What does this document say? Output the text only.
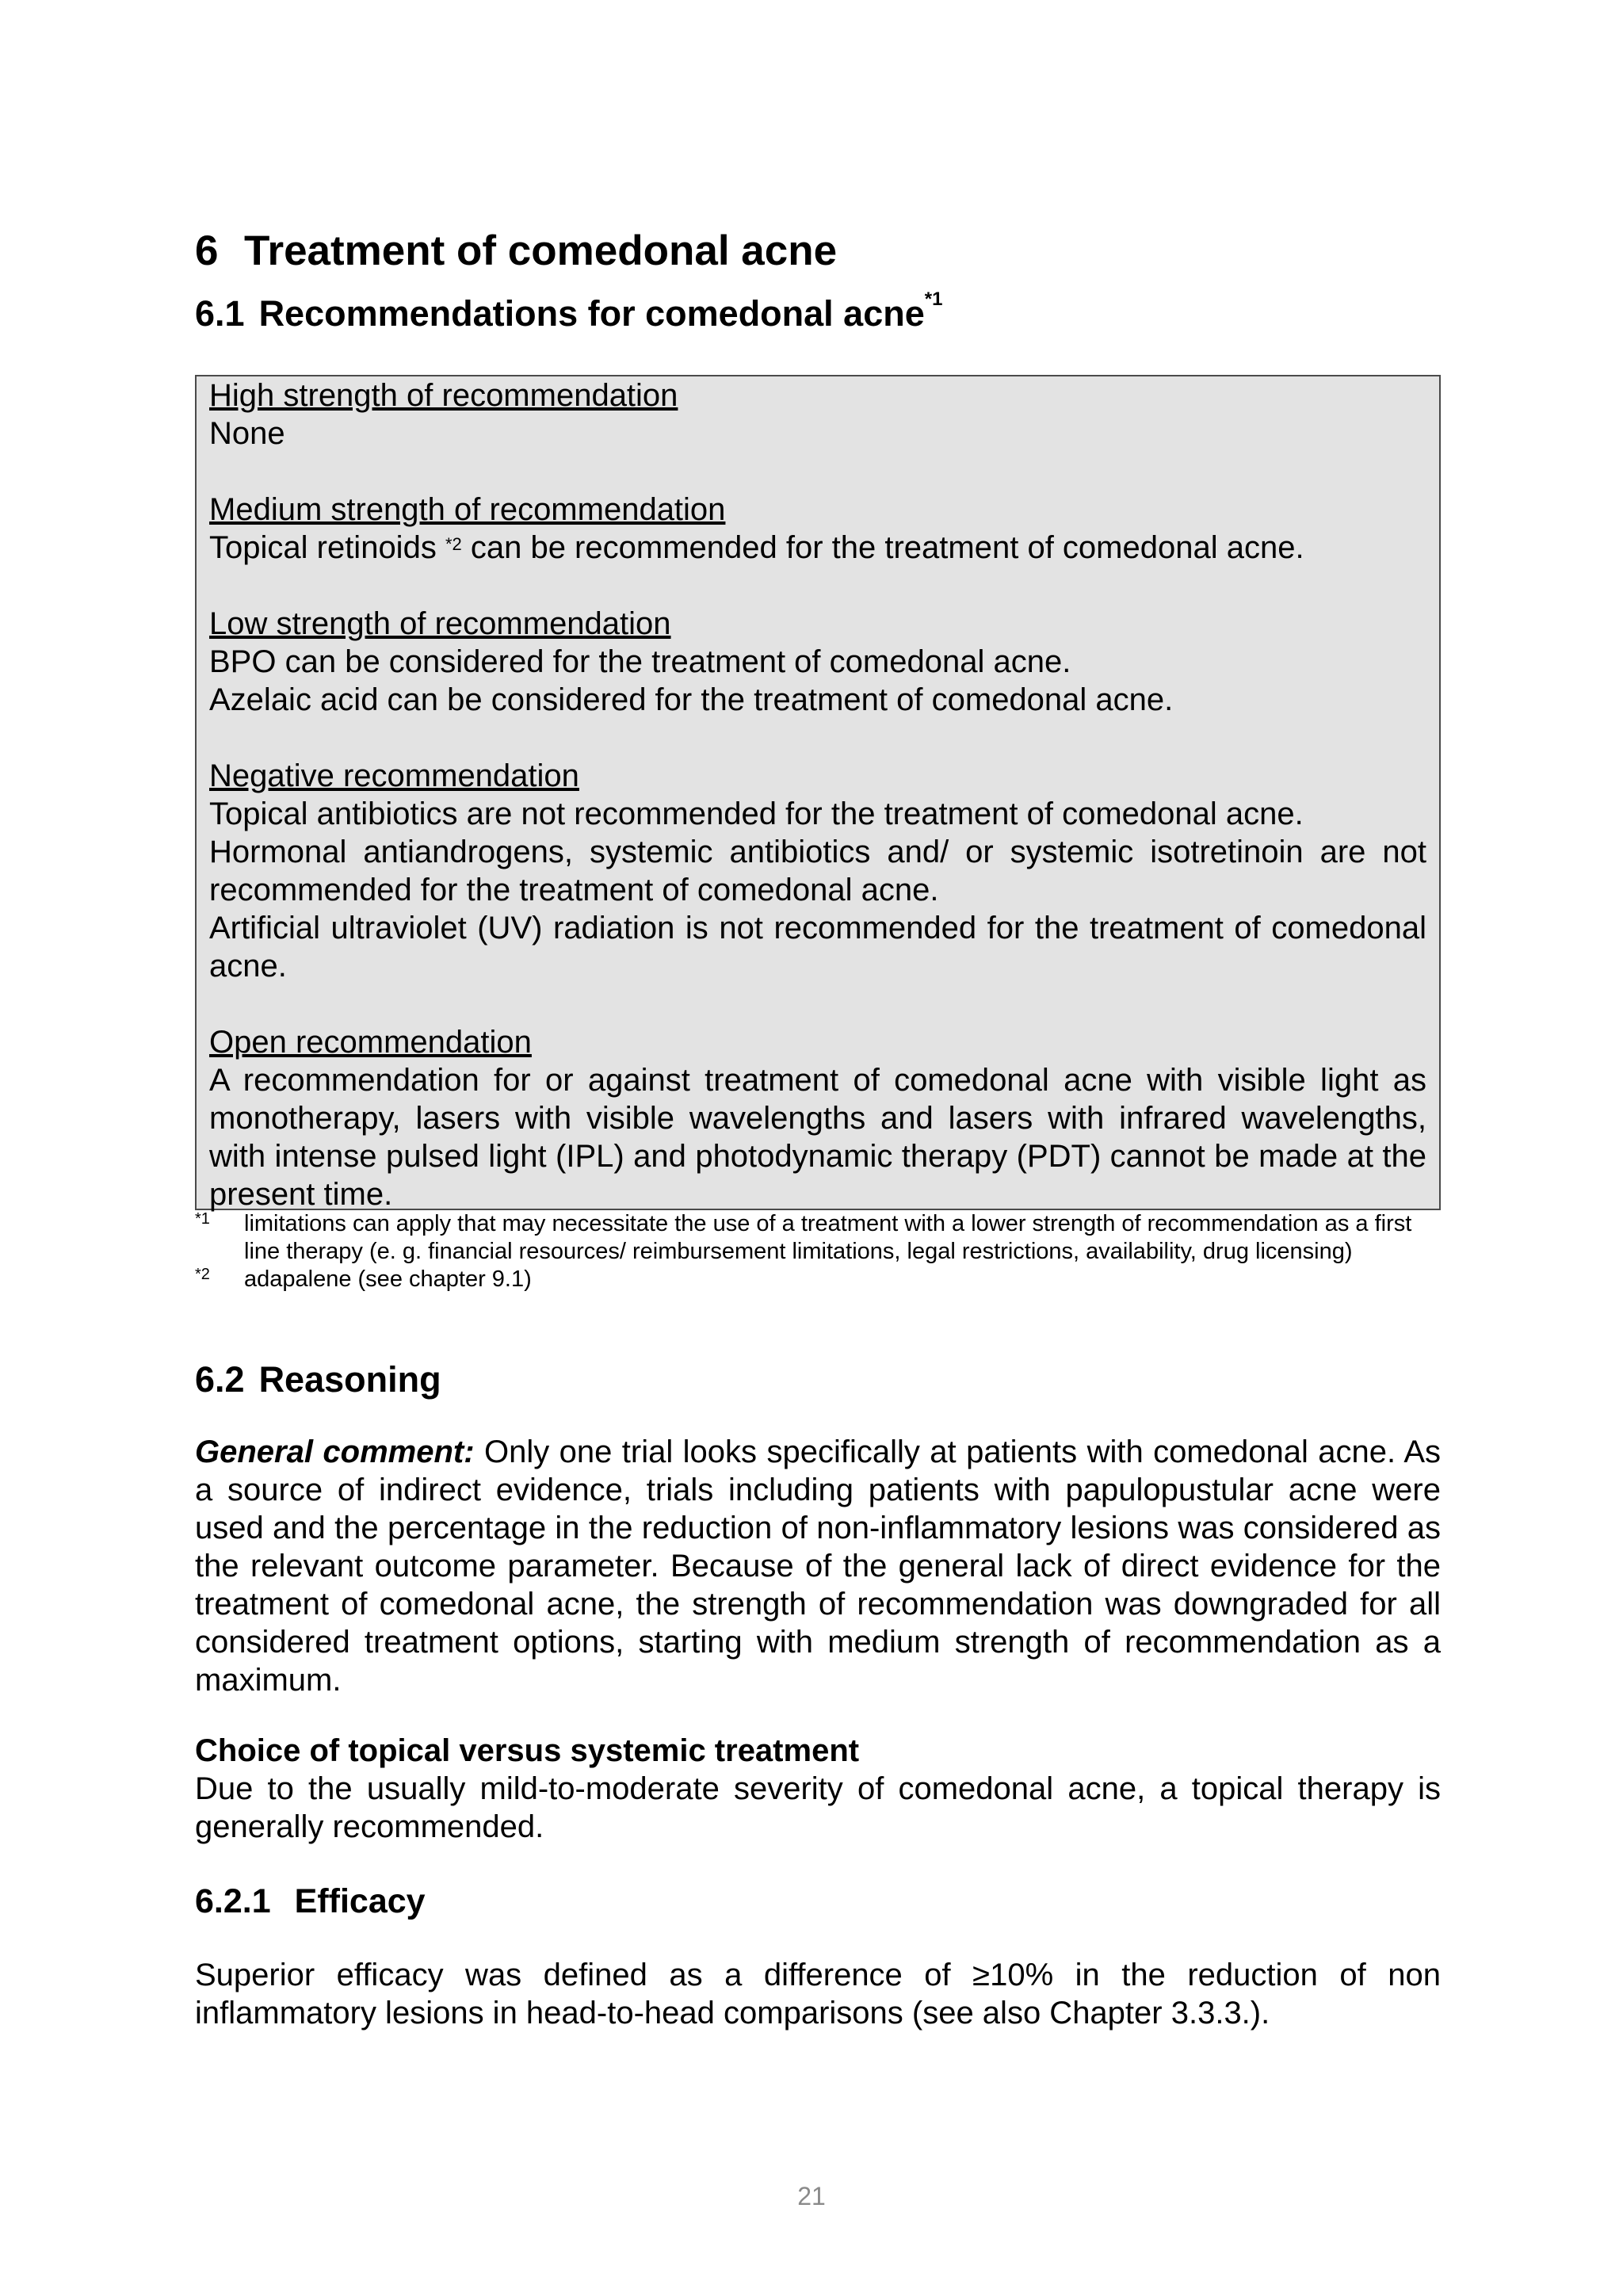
6 Treatment of comedonal acne
6.1 Recommendations for comedonal acne$^{*1}$
High strength of recommendation
None
Medium strength of recommendation
Topical retinoids $^{*2}$ can be recommended for the treatment of comedonal acne.
Low strength of recommendation
BPO can be considered for the treatment of comedonal acne.
Azelaic acid can be considered for the treatment of comedonal acne.
Negative recommendation
Topical antibiotics are not recommended for the treatment of comedonal acne.
Hormonal antiandrogens, systemic antibiotics and/ or systemic isotretinoin are not recommended for the treatment of comedonal acne.
Artificial ultraviolet (UV) radiation is not recommended for the treatment of comedonal acne.
Open recommendation
A recommendation for or against treatment of comedonal acne with visible light as monotherapy, lasers with visible wavelengths and lasers with infrared wavelengths, with intense pulsed light (IPL) and photodynamic therapy (PDT) cannot be made at the present time.
*1 limitations can apply that may necessitate the use of a treatment with a lower strength of recommendation as a first line therapy (e. g. financial resources/ reimbursement limitations, legal restrictions, availability, drug licensing)
*2 adapalene (see chapter 9.1)
6.2 Reasoning
General comment: Only one trial looks specifically at patients with comedonal acne. As a source of indirect evidence, trials including patients with papulopustular acne were used and the percentage in the reduction of non-inflammatory lesions was considered as the relevant outcome parameter. Because of the general lack of direct evidence for the treatment of comedonal acne, the strength of recommendation was downgraded for all considered treatment options, starting with medium strength of recommendation as a maximum.
Choice of topical versus systemic treatment
Due to the usually mild-to-moderate severity of comedonal acne, a topical therapy is generally recommended.
6.2.1 Efficacy
Superior efficacy was defined as a difference of ≥10% in the reduction of non inflammatory lesions in head-to-head comparisons (see also Chapter 3.3.3.).
21
